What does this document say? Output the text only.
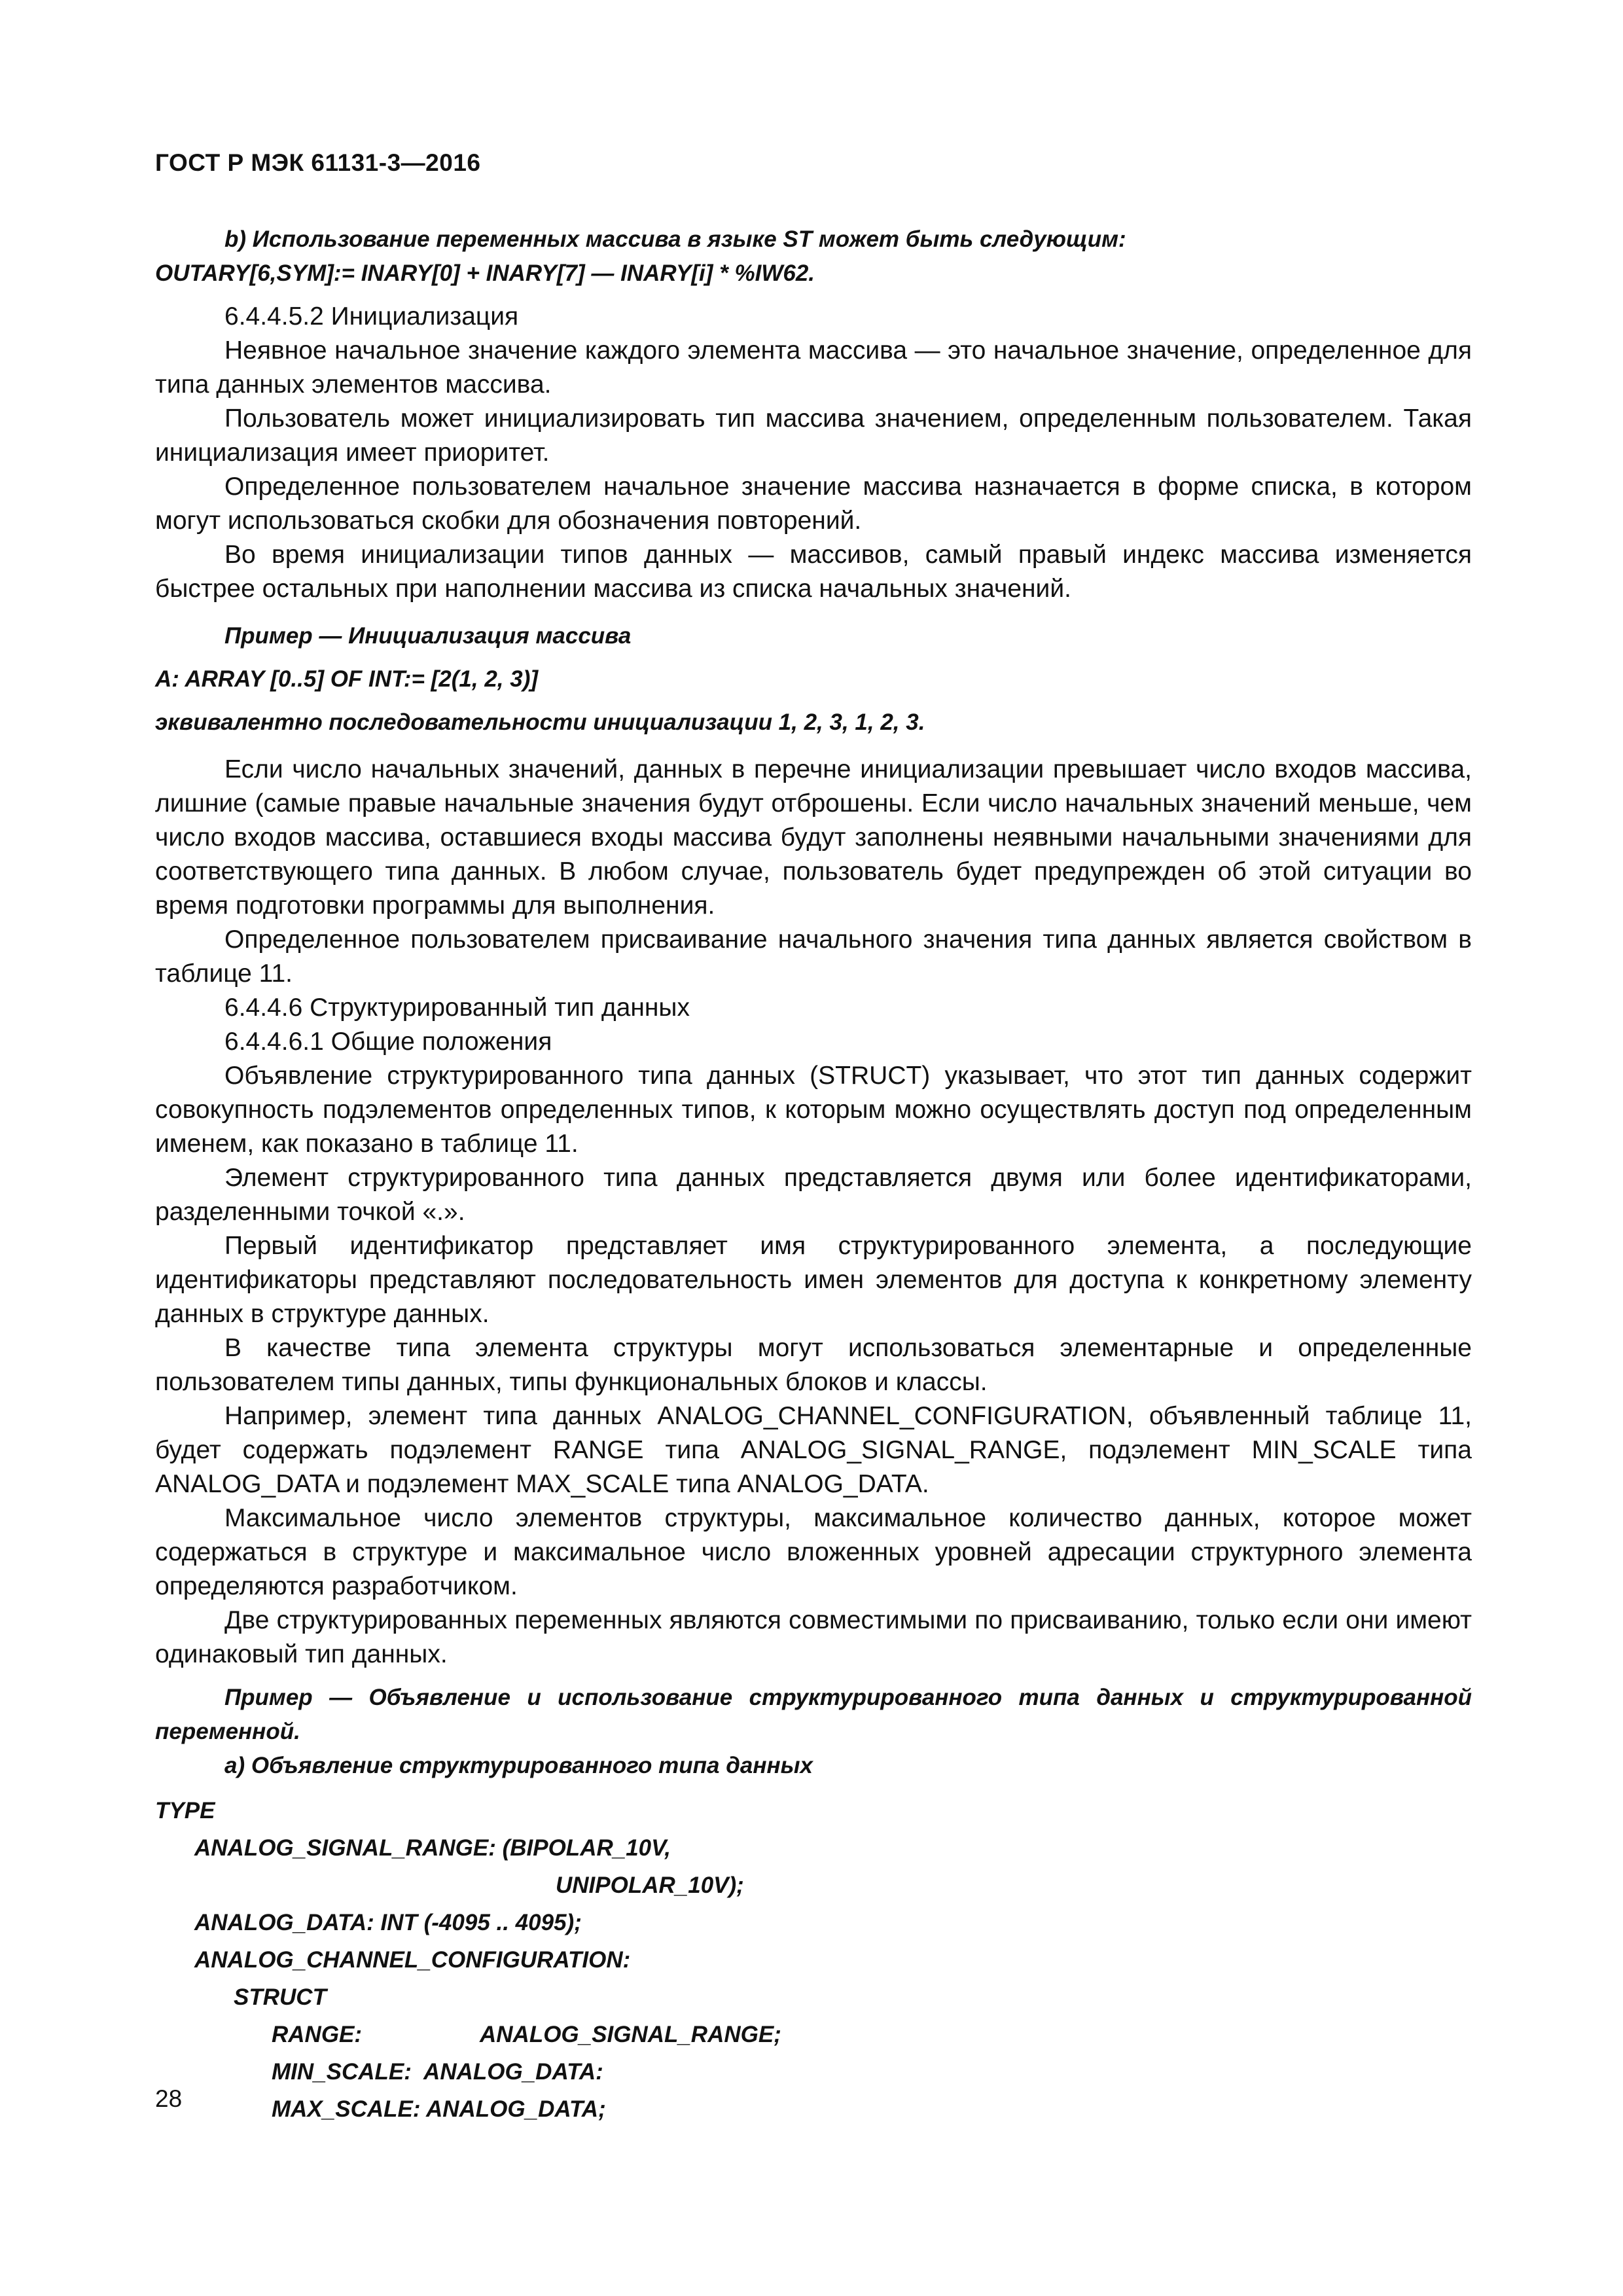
ГОСТ Р МЭК 61131-3—2016

b) Использование переменных массива в языке ST может быть следующим:

OUTARY[6,SYM]:= INARY[0] + INARY[7] — INARY[i] * %IW62.

6.4.4.5.2 Инициализация

Неявное начальное значение каждого элемента массива — это начальное значение, определенное для типа данных элементов массива.

Пользователь может инициализировать тип массива значением, определенным пользователем. Такая инициализация имеет приоритет.

Определенное пользователем начальное значение массива назначается в форме списка, в котором могут использоваться скобки для обозначения повторений.

Во время инициализации типов данных — массивов, самый правый индекс массива изменяется быстрее остальных при наполнении массива из списка начальных значений.

Пример — Инициализация массива

A: ARRAY [0..5] OF INT:= [2(1, 2, 3)]

эквивалентно последовательности инициализации 1, 2, 3, 1, 2, 3.

Если число начальных значений, данных в перечне инициализации превышает число входов массива, лишние (самые правые начальные значения будут отброшены. Если число начальных значений меньше, чем число входов массива, оставшиеся входы массива будут заполнены неявными начальными значениями для соответствующего типа данных. В любом случае, пользователь будет предупрежден об этой ситуации во время подготовки программы для выполнения.

Определенное пользователем присваивание начального значения типа данных является свойством в таблице 11.

6.4.4.6 Структурированный тип данных

6.4.4.6.1 Общие положения

Объявление структурированного типа данных (STRUCT) указывает, что этот тип данных содержит совокупность подэлементов определенных типов, к которым можно осуществлять доступ под определенным именем, как показано в таблице 11.

Элемент структурированного типа данных представляется двумя или более идентификаторами, разделенными точкой «.».

Первый идентификатор представляет имя структурированного элемента, а последующие идентификаторы представляют последовательность имен элементов для доступа к конкретному элементу данных в структуре данных.

В качестве типа элемента структуры могут использоваться элементарные и определенные пользователем типы данных, типы функциональных блоков и классы.

Например, элемент типа данных ANALOG_CHANNEL_CONFIGURATION, объявленный таблице 11, будет содержать подэлемент RANGE типа ANALOG_SIGNAL_RANGE, подэлемент MIN_SCALE типа ANALOG_DATA и подэлемент MAX_SCALE типа ANALOG_DATA.

Максимальное число элементов структуры, максимальное количество данных, которое может содержаться в структуре и максимальное число вложенных уровней адресации структурного элемента определяются разработчиком.

Две структурированных переменных являются совместимыми по присваиванию, только если они имеют одинаковый тип данных.

Пример — Объявление и использование структурированного типа данных и структурированной переменной.

a) Объявление структурированного типа данных

TYPE
ANALOG_SIGNAL_RANGE: (BIPOLAR_10V,
UNIPOLAR_10V);
ANALOG_DATA: INT (-4095 .. 4095);
ANALOG_CHANNEL_CONFIGURATION:
STRUCT
RANGE:	ANALOG_SIGNAL_RANGE;
MIN_SCALE:  ANALOG_DATA:
MAX_SCALE: ANALOG_DATA;
28
